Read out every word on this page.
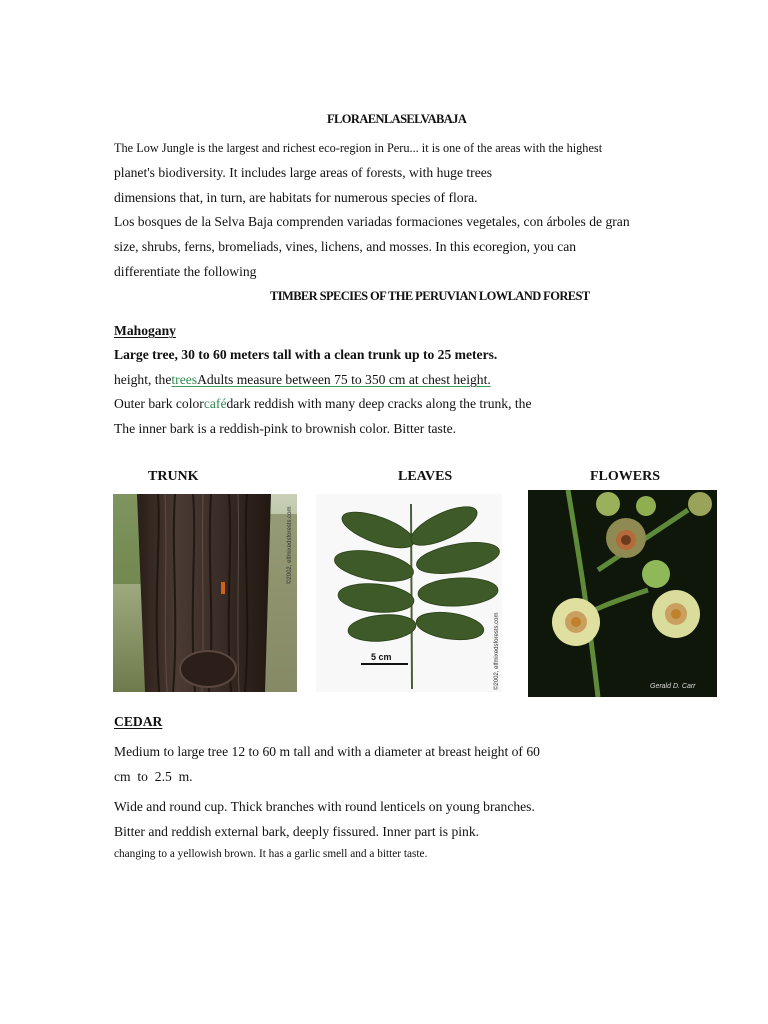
FLORAENLASELVABAJA
The Low Jungle is the largest and richest eco-region in Peru... it is one of the areas with the highest
planet's biodiversity. It includes large areas of forests, with huge trees
dimensions that, in turn, are habitats for numerous species of flora.
Los bosques de la Selva Baja comprenden variadas formaciones vegetales, con árboles de gran
size, shrubs, ferns, bromeliads, vines, lichens, and mosses. In this ecoregion, you can
differentiate the following
TIMBER SPECIES OF THE PERUVIAN LOWLAND FOREST
Mahogany
Large tree, 30 to 60 meters tall with a clean trunk up to 25 meters.
height, thetreesAdults measure between 75 to 350 cm at chest height.
Outer bark colorcafédark reddish with many deep cracks along the trunk, the
The inner bark is a reddish-pink to brownish color. Bitter taste.
TRUNK	LEAVES	FLOWERS
©2002, elfmixedsforests.com
5 cm	©2002, elfmixedsforests.com	Gerald D. Carr
CEDAR
Medium to large tree 12 to 60 m tall and with a diameter at breast height of 60
cm  to  2.5  m.
Wide and round cup. Thick branches with round lenticels on young branches.
Bitter and reddish external bark, deeply fissured. Inner part is pink.
changing to a yellowish brown. It has a garlic smell and a bitter taste.
